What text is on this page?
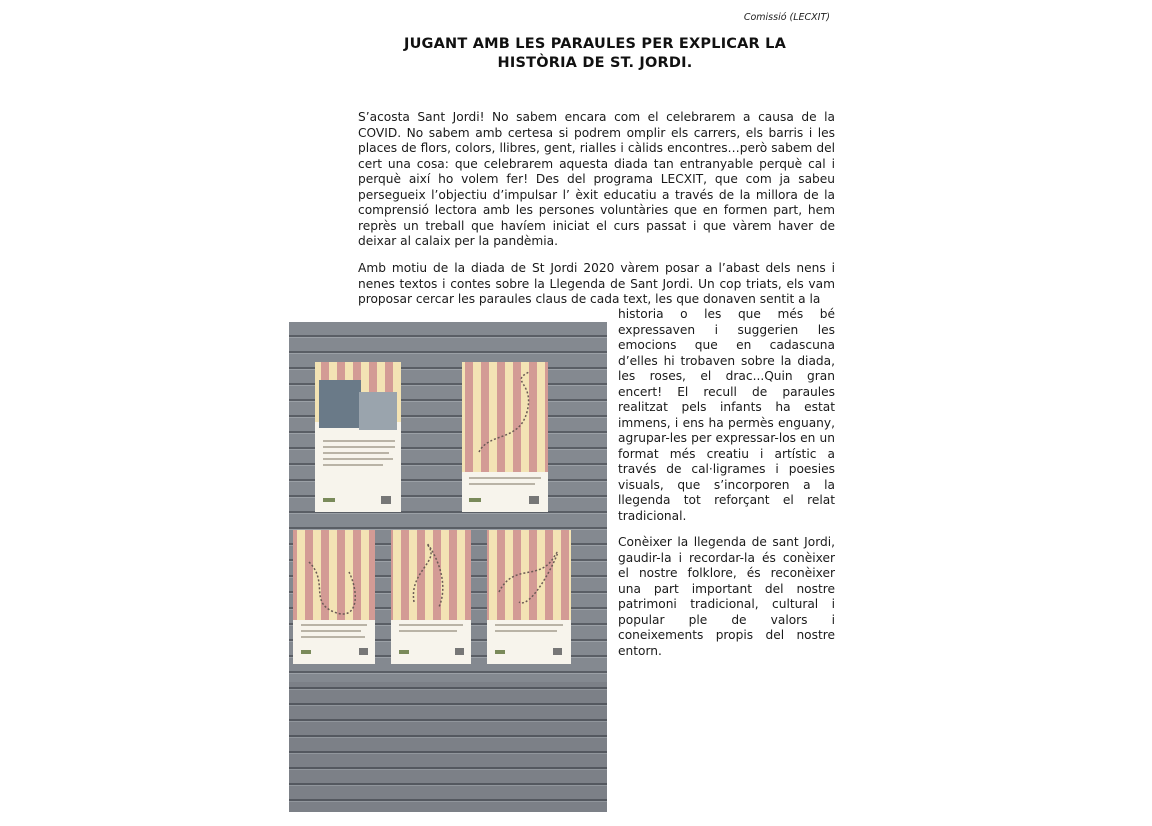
Comissió (LECXIT)
JUGANT AMB LES PARAULES PER EXPLICAR LA
HISTÒRIA DE ST. JORDI.

S’acosta Sant Jordi! No sabem encara com el celebrarem a causa de la COVID. No sabem amb certesa si podrem omplir els carrers, els barris i les places de flors, colors, llibres, gent, rialles i càlids encontres…però sabem del cert una cosa: que celebrarem aquesta diada tan entranyable perquè cal i perquè així ho volem fer! Des del programa LECXIT, que com ja sabeu persegueix l’objectiu d’impulsar l’ èxit educatiu a través de la millora de la comprensió lectora amb les persones voluntàries que en formen part, hem reprès un treball que havíem iniciat el curs passat i que vàrem haver de deixar al calaix per la pandèmia.

Amb motiu de la diada de St Jordi 2020 vàrem posar a l’abast dels nens i nenes textos i contes sobre la Llegenda de Sant Jordi. Un cop triats, els vam proposar cercar les paraules claus de cada text, les que donaven sentit a la

historia o les que més bé expressaven i suggerien les emocions que en cadascuna d’elles hi trobaven sobre la diada, les roses, el drac...Quin gran encert! El recull de paraules realitzat pels infants ha estat immens, i ens ha permès enguany, agrupar-les per expressar-los en un format més creatiu i artístic a través de cal·ligrames i poesies visuals, que s’incorporen a la llegenda tot reforçant el relat tradicional.

Conèixer la llegenda de sant Jordi, gaudir-la i recordar-la és conèixer el nostre folklore, és reconèixer una part important del nostre patrimoni tradicional, cultural i popular ple de valors i coneixements propis del nostre entorn.
